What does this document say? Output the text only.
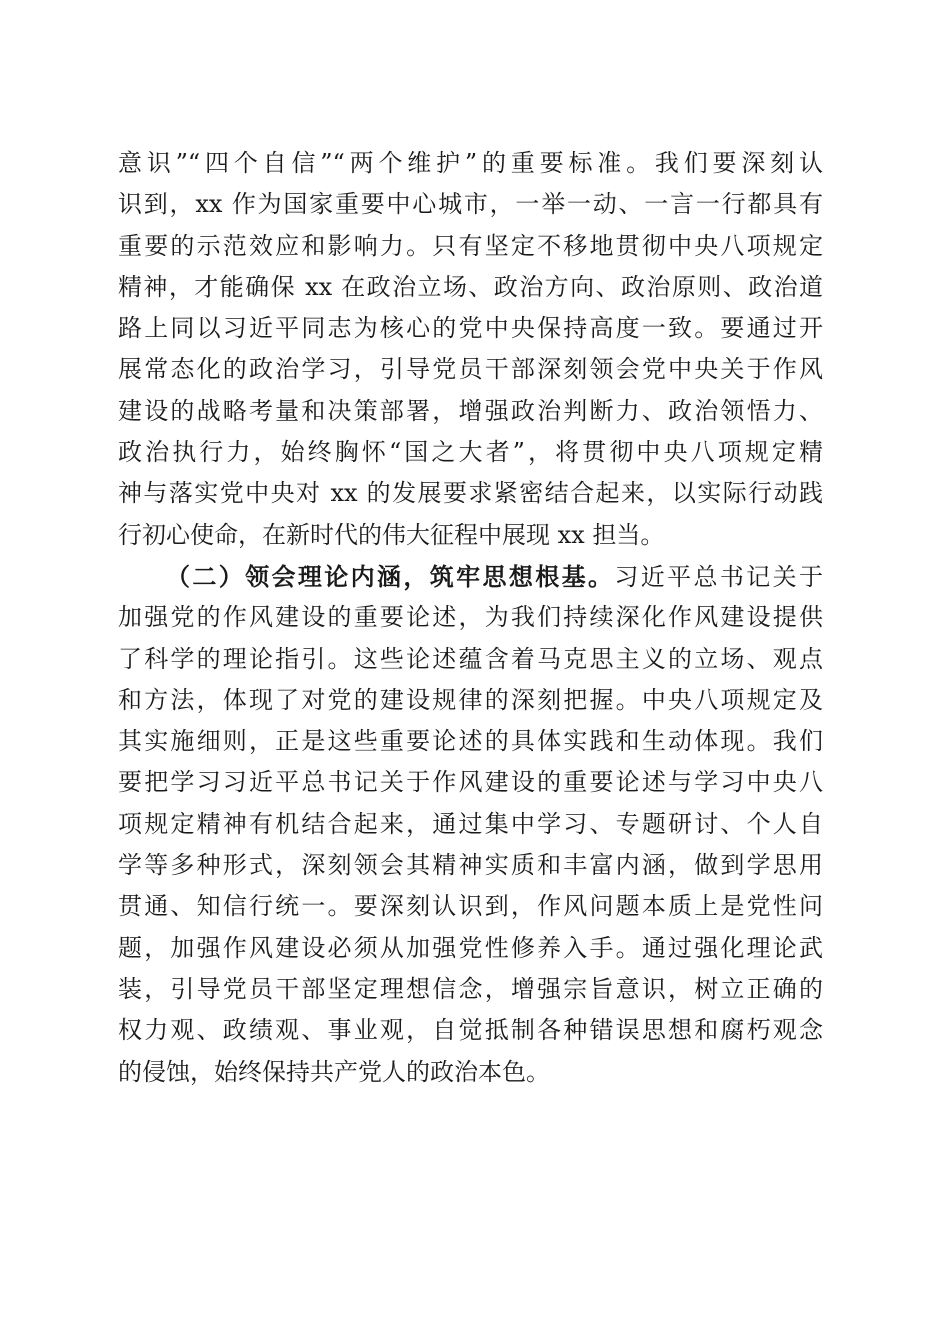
意识”“四个自信”“两个维护”的重要标准。我们要深刻认
识到，xx 作为国家重要中心城市，一举一动、一言一行都具有
重要的示范效应和影响力。只有坚定不移地贯彻中央八项规定
精神，才能确保 xx 在政治立场、政治方向、政治原则、政治道
路上同以习近平同志为核心的党中央保持高度一致。要通过开
展常态化的政治学习，引导党员干部深刻领会党中央关于作风
建设的战略考量和决策部署，增强政治判断力、政治领悟力、
政治执行力，始终胸怀“国之大者”，将贯彻中央八项规定精
神与落实党中央对 xx 的发展要求紧密结合起来，以实际行动践
行初心使命，在新时代的伟大征程中展现 xx 担当。
（二）领会理论内涵，筑牢思想根基。习近平总书记关于
加强党的作风建设的重要论述，为我们持续深化作风建设提供
了科学的理论指引。这些论述蕴含着马克思主义的立场、观点
和方法，体现了对党的建设规律的深刻把握。中央八项规定及
其实施细则，正是这些重要论述的具体实践和生动体现。我们
要把学习习近平总书记关于作风建设的重要论述与学习中央八
项规定精神有机结合起来，通过集中学习、专题研讨、个人自
学等多种形式，深刻领会其精神实质和丰富内涵，做到学思用
贯通、知信行统一。要深刻认识到，作风问题本质上是党性问
题，加强作风建设必须从加强党性修养入手。通过强化理论武
装，引导党员干部坚定理想信念，增强宗旨意识，树立正确的
权力观、政绩观、事业观，自觉抵制各种错误思想和腐朽观念
的侵蚀，始终保持共产党人的政治本色。
